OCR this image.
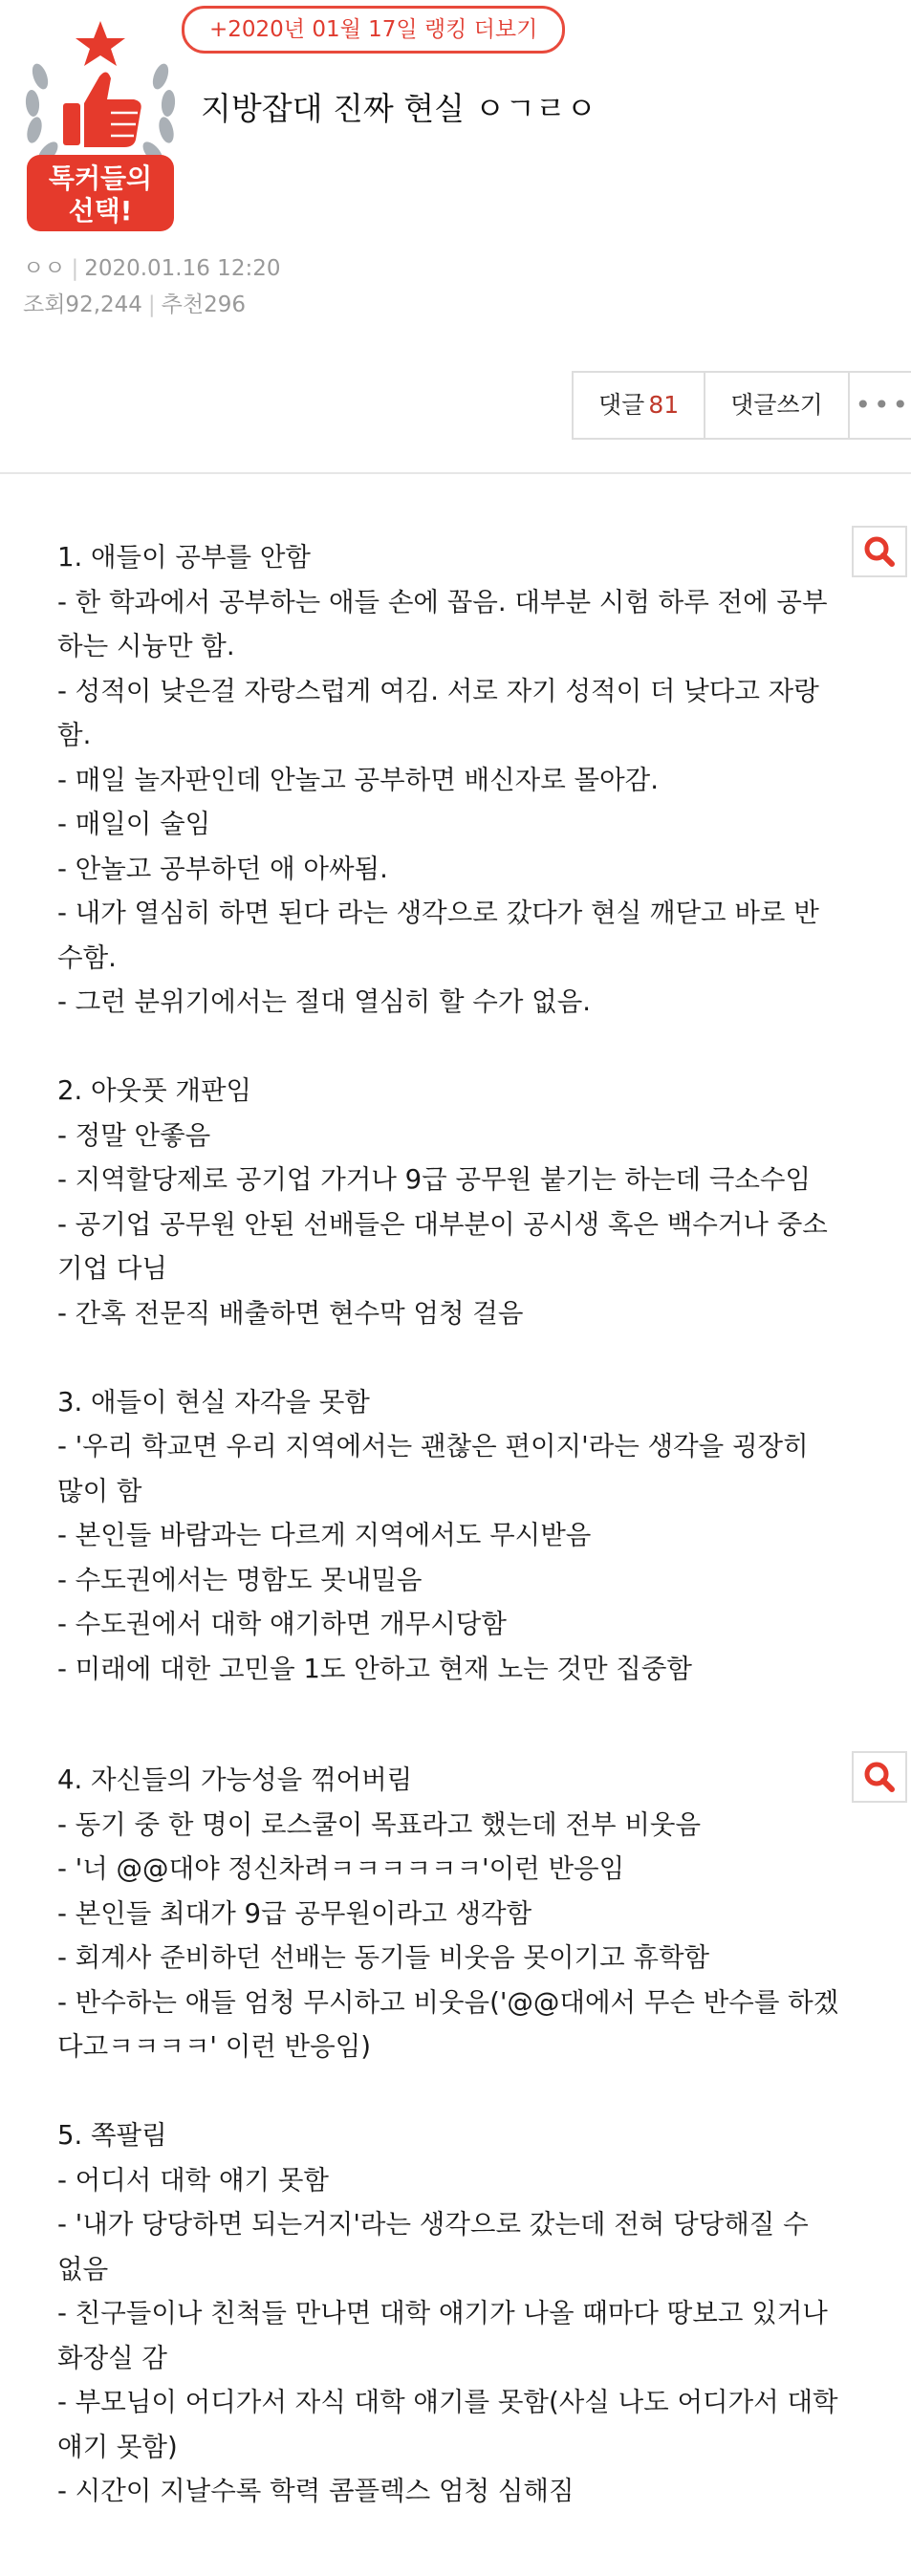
톡커들의
선택!
+2020년 01월 17일 랭킹 더보기
지방잡대 진짜 현실 ㅇㄱㄹㅇ
ㅇㅇ | 2020.01.16 12:20
조회92,244 | 추천296
댓글 81	댓글쓰기	•••
1. 애들이 공부를 안함
- 한 학과에서 공부하는 애들 손에 꼽음. 대부분 시험 하루 전에 공부
하는 시늉만 함.
- 성적이 낮은걸 자랑스럽게 여김. 서로 자기 성적이 더 낮다고 자랑
함.
- 매일 놀자판인데 안놀고 공부하면 배신자로 몰아감.
- 매일이 술임
- 안놀고 공부하던 애 아싸됨.
- 내가 열심히 하면 된다 라는 생각으로 갔다가 현실 깨닫고 바로 반
수함.
- 그런 분위기에서는 절대 열심히 할 수가 없음.
2. 아웃풋 개판임
- 정말 안좋음
- 지역할당제로 공기업 가거나 9급 공무원 붙기는 하는데 극소수임
- 공기업 공무원 안된 선배들은 대부분이 공시생 혹은 백수거나 중소
기업 다님
- 간혹 전문직 배출하면 현수막 엄청 걸음
3. 애들이 현실 자각을 못함
- '우리 학교면 우리 지역에서는 괜찮은 편이지'라는 생각을 굉장히
많이 함
- 본인들 바람과는 다르게 지역에서도 무시받음
- 수도권에서는 명함도 못내밀음
- 수도권에서 대학 얘기하면 개무시당함
- 미래에 대한 고민을 1도 안하고 현재 노는 것만 집중함
4. 자신들의 가능성을 꺾어버림
- 동기 중 한 명이 로스쿨이 목표라고 했는데 전부 비웃음
- '너 @@대야 정신차려ㅋㅋㅋㅋㅋㅋ'이런 반응임
- 본인들 최대가 9급 공무원이라고 생각함
- 회계사 준비하던 선배는 동기들 비웃음 못이기고 휴학함
- 반수하는 애들 엄청 무시하고 비웃음('@@대에서 무슨 반수를 하겠
다고ㅋㅋㅋㅋ' 이런 반응임)
5. 쪽팔림
- 어디서 대학 얘기 못함
- '내가 당당하면 되는거지'라는 생각으로 갔는데 전혀 당당해질 수
없음
- 친구들이나 친척들 만나면 대학 얘기가 나올 때마다 땅보고 있거나
화장실 감
- 부모님이 어디가서 자식 대학 얘기를 못함(사실 나도 어디가서 대학
얘기 못함)
- 시간이 지날수록 학력 콤플렉스 엄청 심해짐
